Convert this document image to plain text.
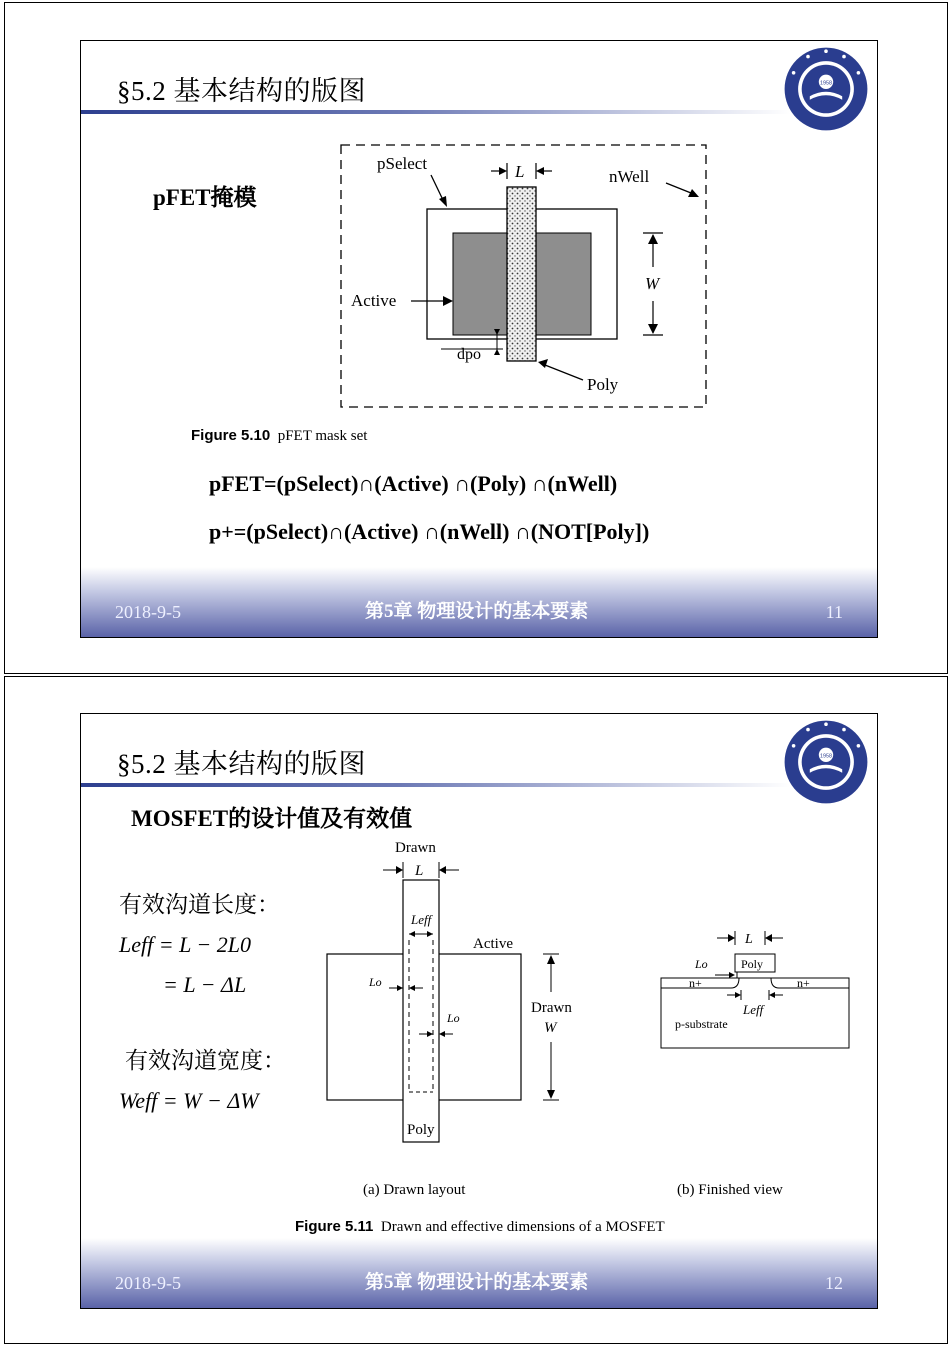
§5.2 基本结构的版图	1958
pFET掩模
pSelect	L	nWell
W
Active
dpo
Poly
Figure 5.10 pFET mask set
pFET=(pSelect)∩(Active) ∩(Poly) ∩(nWell)
p+=(pSelect)∩(Active) ∩(nWell) ∩(NOT[Poly])
2018-9-5	第5章 物理设计的基本要素	11
§5.2 基本结构的版图	1958
MOSFET的设计值及有效值
有效沟道长度：
Leff = L − 2L0
= L − ΔL
有效沟道宽度：
Weff = W − ΔW
Drawn
L
Leff
Lo
Lo
Active
Drawn
W
Poly
(a) Drawn layout
L
Poly
Lo
n+	n+
Leff
p-substrate
(b) Finished view
Figure 5.11 Drawn and effective dimensions of a MOSFET
2018-9-5	第5章 物理设计的基本要素	12
